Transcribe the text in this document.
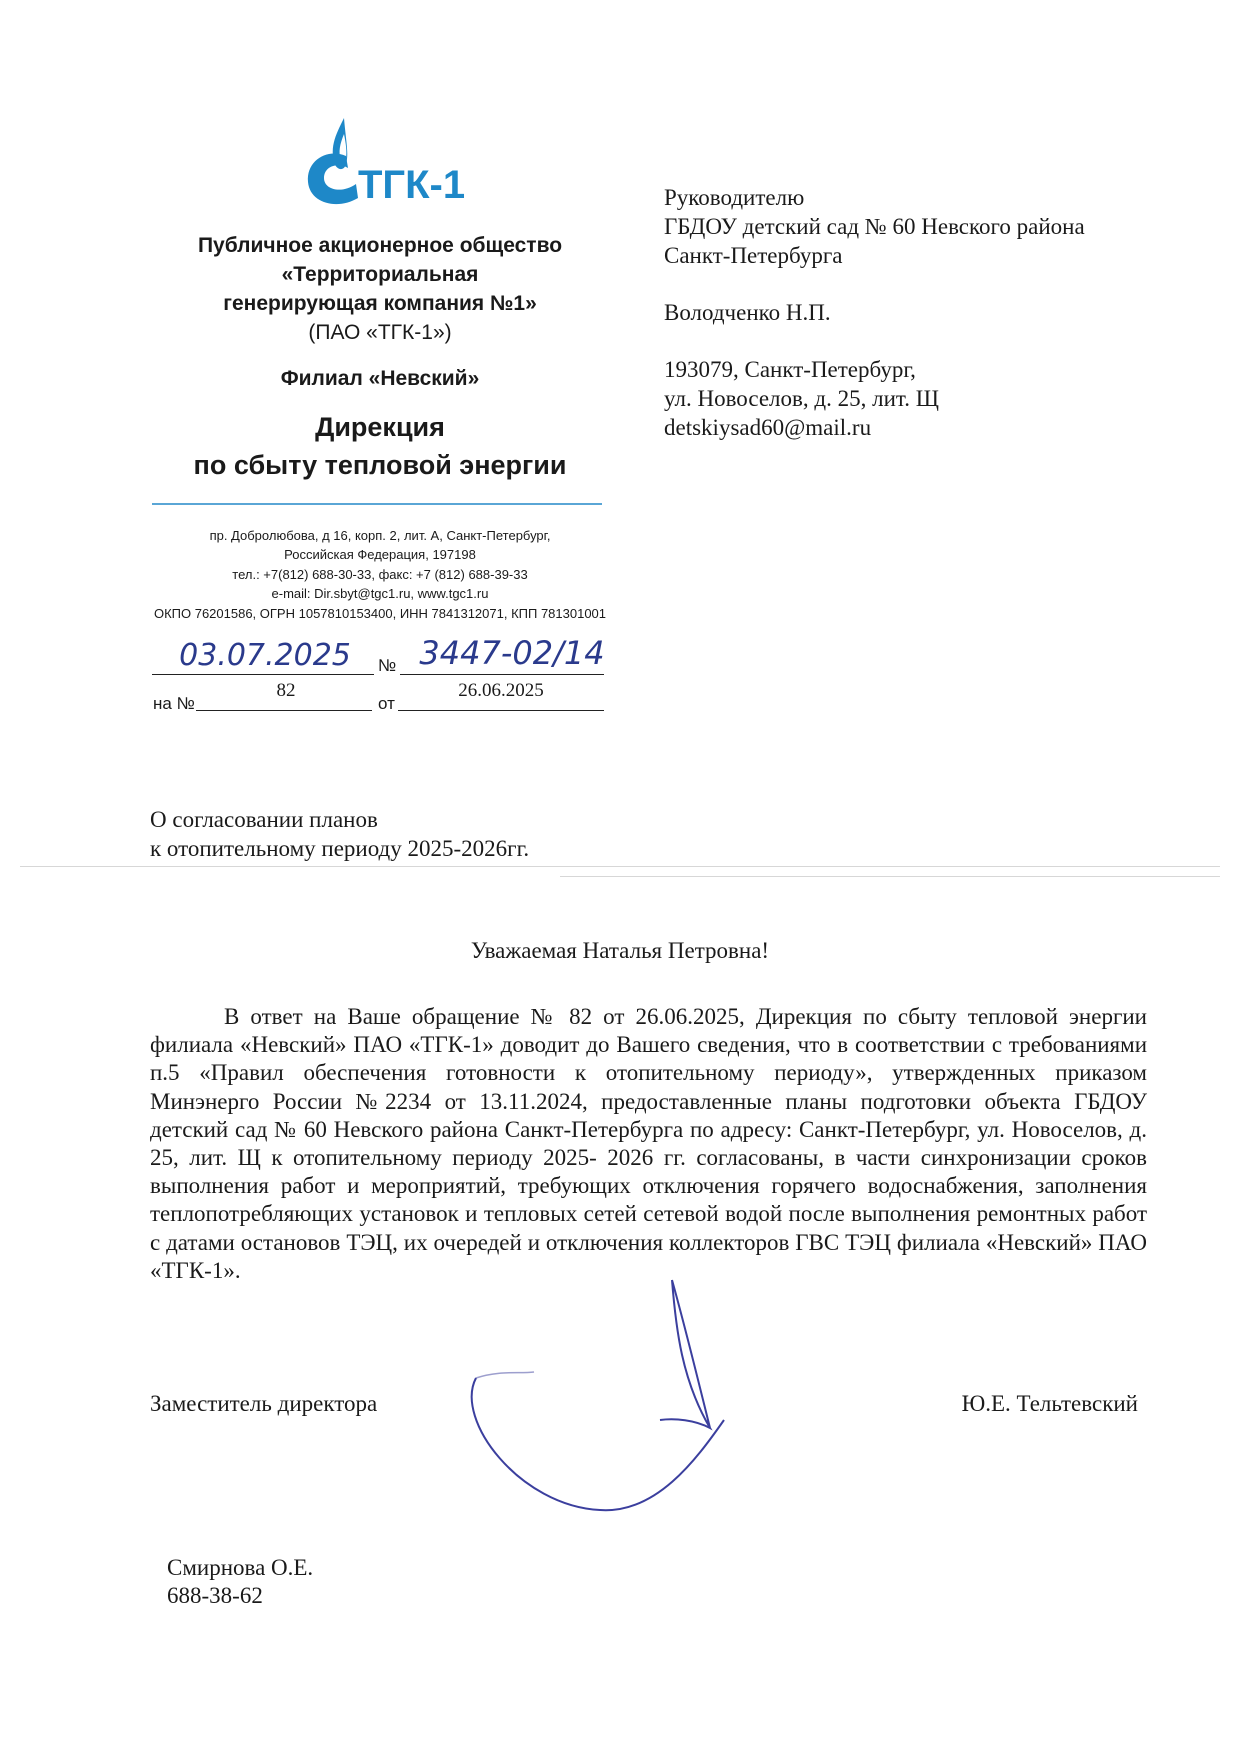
ТГК-1
Публичное акционерное общество
«Территориальная
генерирующая компания №1»
(ПАО «ТГК-1»)
Филиал «Невский»
Дирекция
по сбыту тепловой энергии
пр. Добролюбова, д 16, корп. 2, лит. А, Санкт-Петербург,
Российская Федерация, 197198
тел.: +7(812) 688-30-33, факс: +7 (812) 688-39-33
e-mail: Dir.sbyt@tgc1.ru, www.tgc1.ru
ОКПО 76201586, ОГРН 1057810153400, ИНН 7841312071, КПП 781301001
03.07.2025	№ 3447-02/14
на №
82
от
26.06.2025
Руководителю
ГБДОУ детский сад № 60 Невского района
Санкт-Петербурга
Володченко Н.П.
193079, Санкт-Петербург,
ул. Новоселов, д. 25, лит. Щ
detskiysad60@mail.ru
О согласовании планов
к отопительному периоду 2025-2026гг.
Уважаемая Наталья Петровна!
В ответ на Ваше обращение № 82 от 26.06.2025, Дирекция по сбыту тепловой энергии филиала «Невский» ПАО «ТГК-1» доводит до Вашего сведения, что в соответствии с требованиями п.5 «Правил обеспечения готовности к отопительному периоду», утвержденных приказом Минэнерго России №2234 от 13.11.2024, предоставленные планы подготовки объекта ГБДОУ детский сад № 60 Невского района Санкт-Петербурга по адресу: Санкт-Петербург, ул. Новоселов, д. 25, лит. Щ к отопительному периоду 2025- 2026 гг. согласованы, в части синхронизации сроков выполнения работ и мероприятий, требующих отключения горячего водоснабжения, заполнения теплопотребляющих установок и тепловых сетей сетевой водой после выполнения ремонтных работ с датами остановов ТЭЦ, их очередей и отключения коллекторов ГВС ТЭЦ филиала «Невский» ПАО «ТГК-1».
Заместитель директора	Ю.Е. Тельтевский
Смирнова О.Е.
688-38-62
